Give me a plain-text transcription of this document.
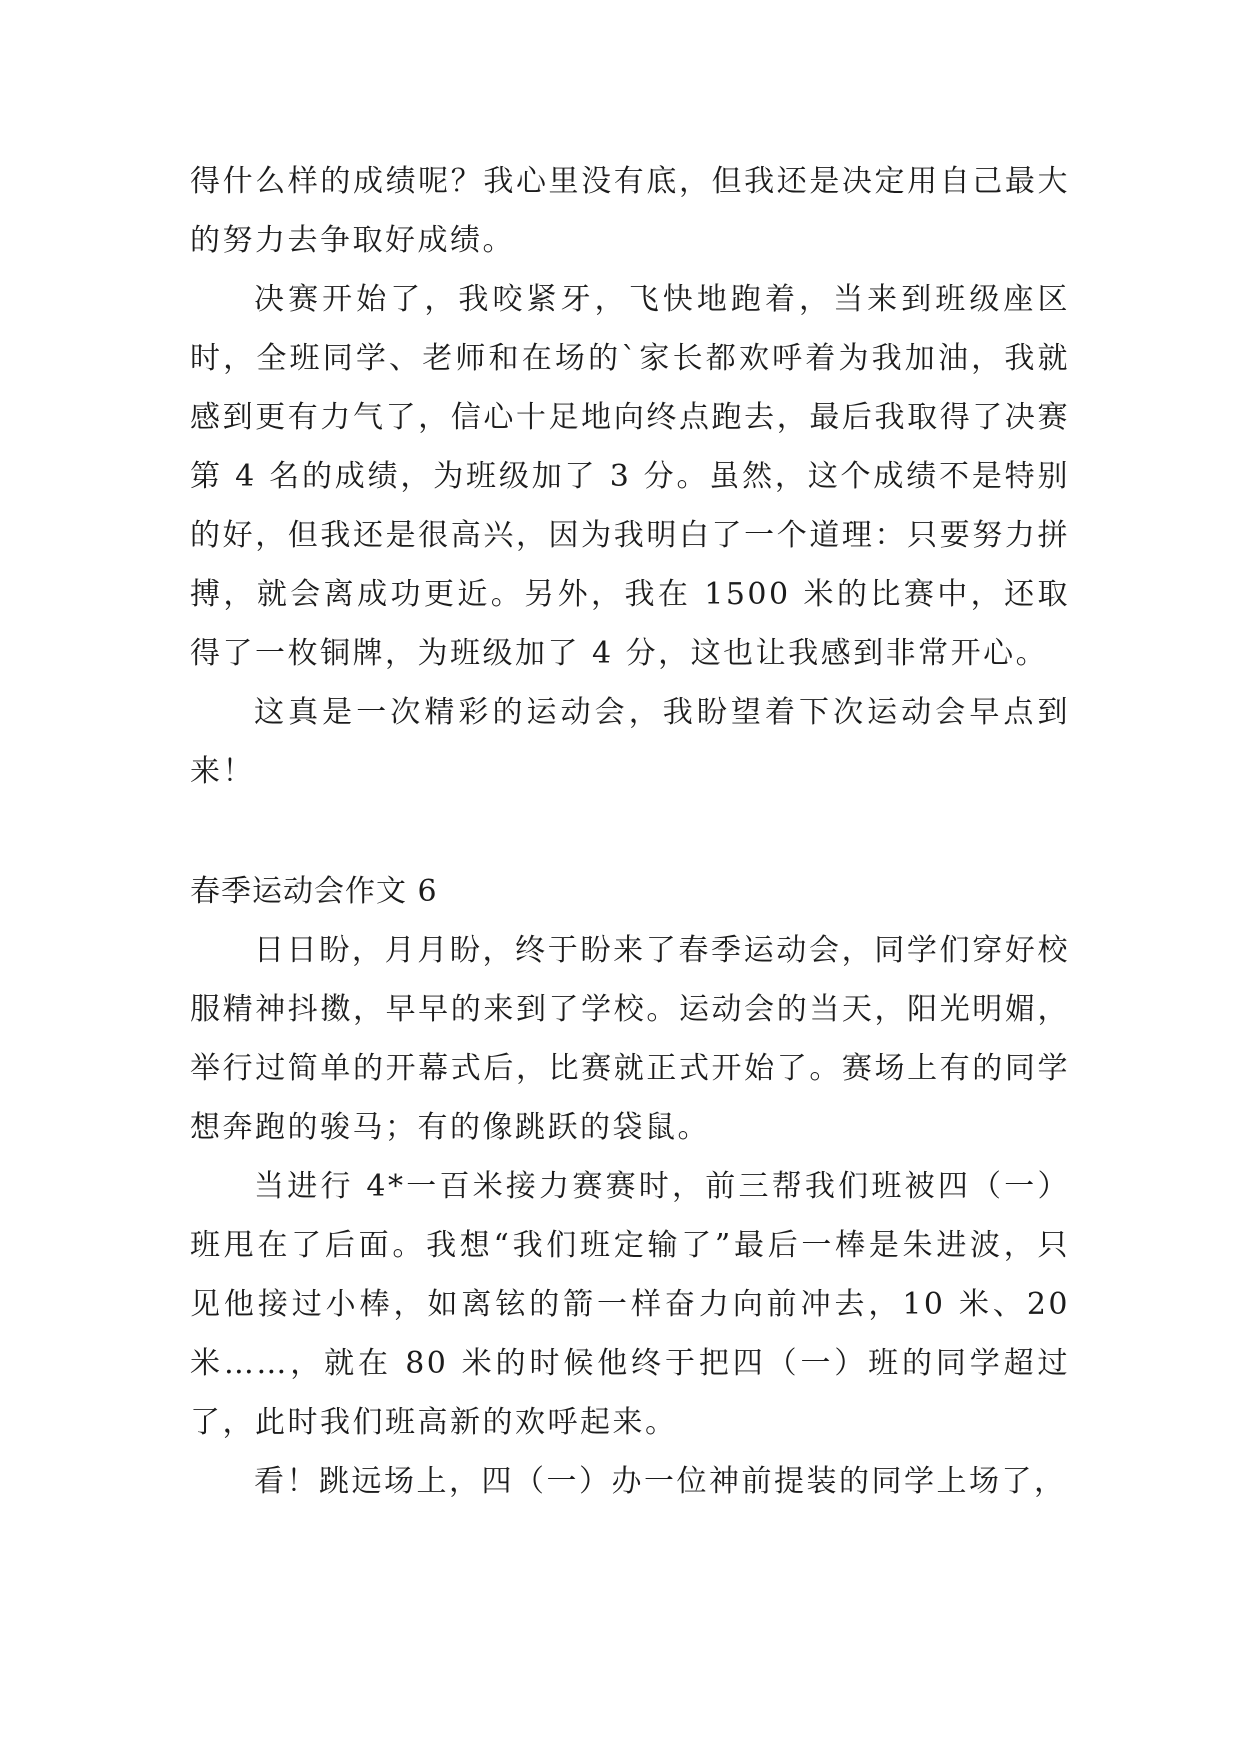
得什么样的成绩呢？我心里没有底，但我还是决定用自己最大的努力去争取好成绩。

决赛开始了，我咬紧牙，飞快地跑着，当来到班级座区时，全班同学、老师和在场的`家长都欢呼着为我加油，我就感到更有力气了，信心十足地向终点跑去，最后我取得了决赛第 4 名的成绩，为班级加了 3 分。虽然，这个成绩不是特别的好，但我还是很高兴，因为我明白了一个道理：只要努力拼搏，就会离成功更近。另外，我在 1500 米的比赛中，还取得了一枚铜牌，为班级加了 4 分，这也让我感到非常开心。

这真是一次精彩的运动会，我盼望着下次运动会早点到来！

春季运动会作文 6

日日盼，月月盼，终于盼来了春季运动会，同学们穿好校服精神抖擞，早早的来到了学校。运动会的当天，阳光明媚，举行过简单的开幕式后，比赛就正式开始了。赛场上有的同学想奔跑的骏马；有的像跳跃的袋鼠。

当进行 4*一百米接力赛赛时，前三帮我们班被四（一）班甩在了后面。我想“我们班定输了”最后一棒是朱进波，只见他接过小棒，如离铉的箭一样奋力向前冲去，10 米、20 米……，就在 80 米的时候他终于把四（一）班的同学超过了，此时我们班高新的欢呼起来。

看！跳远场上，四（一）办一位神前提装的同学上场了，
